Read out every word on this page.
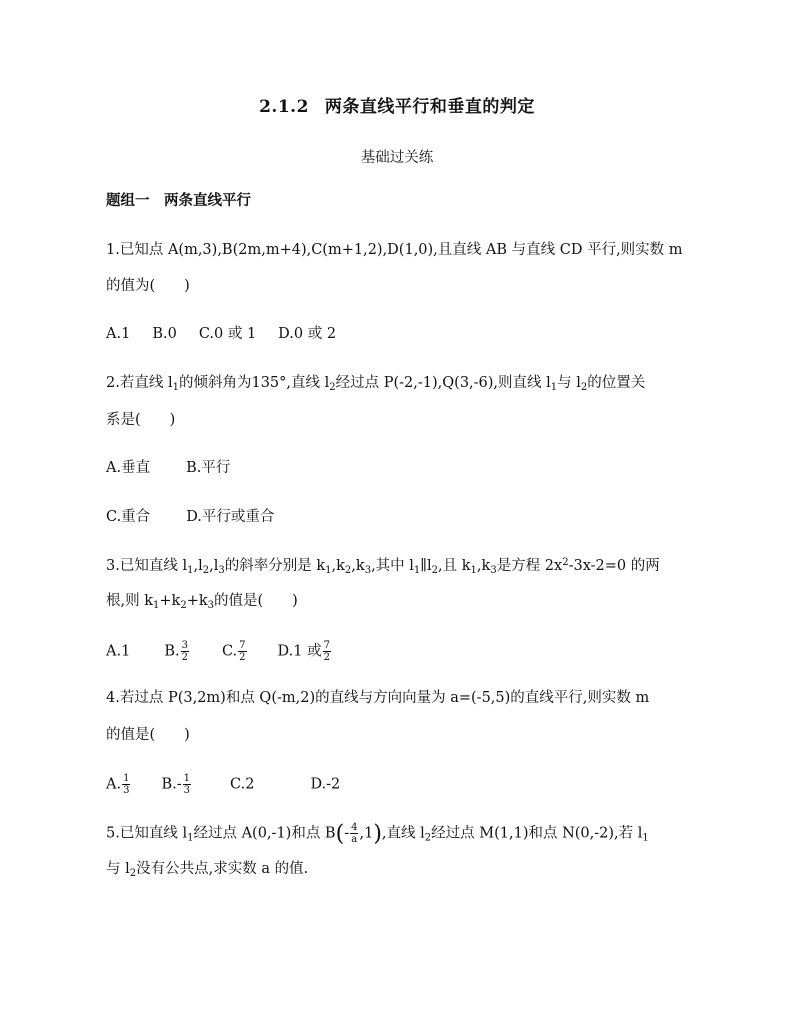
2.1.2 两条直线平行和垂直的判定
基础过关练
题组一　两条直线平行
1.已知点 A(m,3),B(2m,m+4),C(m+1,2),D(1,0),且直线 AB 与直线 CD 平行,则实数 m
的值为(　　)
A.1 B.0 C.0 或 1 D.0 或 2
2.若直线 $l_1$的倾斜角为135°,直线 $l_2$经过点 P(-2,-1),Q(3,-6),则直线 $l_1$与 $l_2$的位置关
系是(　　)
A.垂直 B.平行
C.重合 D.平行或重合
3.已知直线 $l_1,l_2,l_3$的斜率分别是 $k_1,k_2,k_3$,其中 $l_1\parallel l_2$,且 $k_1,k_3$是方程 $2x^2-3x-2=0$ 的两
根,则 $k_1+k_2+k_3$的值是(　　)
A.1 B. $\frac{3}{2} C$. $\frac{7}{2} D.1$ 或 $\frac{7}{2}$
4.若过点 P(3,2m)和点 Q(-m,2)的直线与方向向量为 a=(-5,5)的直线平行,则实数 m
的值是(　　)
A. $\frac{1}{3} B.- \frac{1}{3}$	C.2	D.-2
5.已知直线 $l_1$经过点 A(0,-1)和点 $B(- \frac{4}{a} ,1)$,直线 $l_2$经过点 M(1,1)和点 N(0,-2),若 $l_1$
与 $l_2$没有公共点,求实数 a 的值.
